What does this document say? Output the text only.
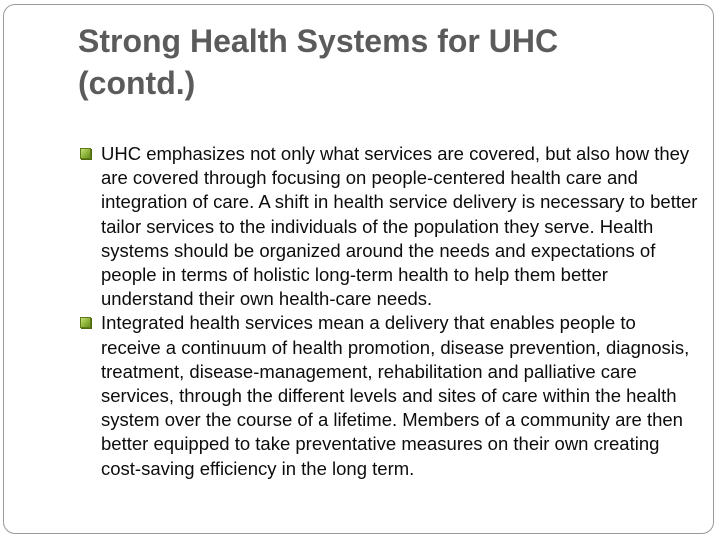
Strong Health Systems for UHC (contd.)
UHC emphasizes not only what services are covered, but also how they are covered through focusing on people-centered health care and integration of care. A shift in health service delivery is necessary to better tailor services to the individuals of the population they serve. Health systems should be organized around the needs and expectations of people in terms of holistic long-term health to help them better understand their own health-care needs.
Integrated health services mean a delivery that enables people to receive a continuum of health promotion, disease prevention, diagnosis, treatment, disease-management, rehabilitation and palliative care services, through the different levels and sites of care within the health system over the course of a lifetime. Members of a community are then better equipped to take preventative measures on their own creating cost-saving efficiency in the long term.
